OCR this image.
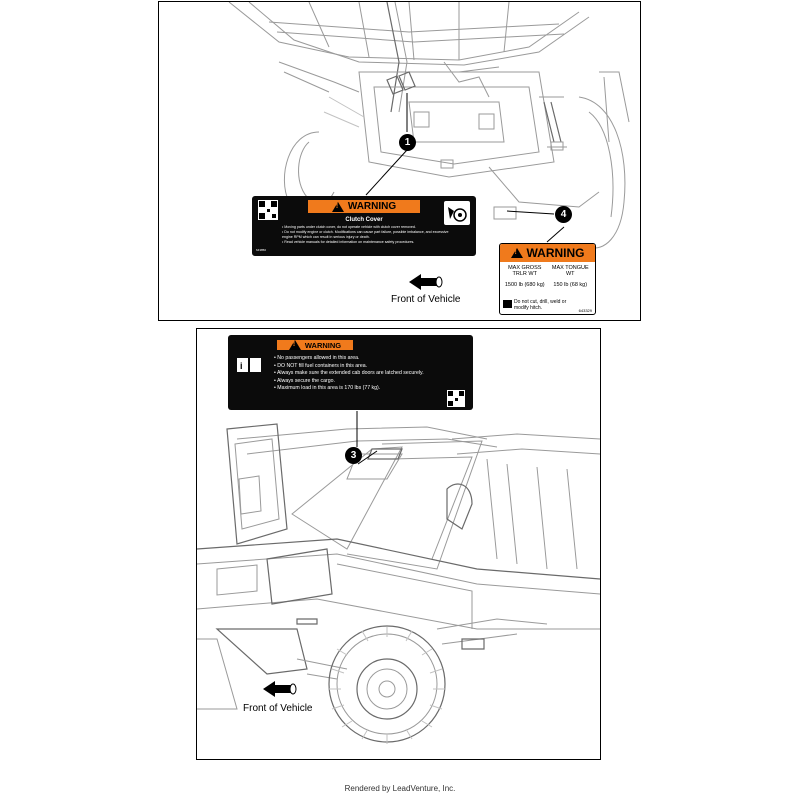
1
4
!
WARNING
Clutch Cover
• Moving parts under clutch cover, do not operate vehicle with clutch cover removed.
• Do not modify engine or clutch. Modifications can cause part failure, possible imbalance, and excessive engine RPM which can result in serious injury or death.
• Read vehicle manuals for detailed information on maintenance safety procedures.
643850
!	WARNING
MAX GROSS TRLR WT
1500 lb (680 kg)
MAX TONGUE WT
150 lb (68 kg)
Do not cut, drill, weld or modify hitch.	643329
Front of Vehicle
3
i
!
WARNING
• No passengers allowed in this area.
• DO NOT fill fuel containers in this area.
• Always make sure the extended cab doors are latched securely.
• Always secure the cargo.
• Maximum load in this area is 170 lbs (77 kg).
Front of Vehicle
Rendered by LeadVenture, Inc.
